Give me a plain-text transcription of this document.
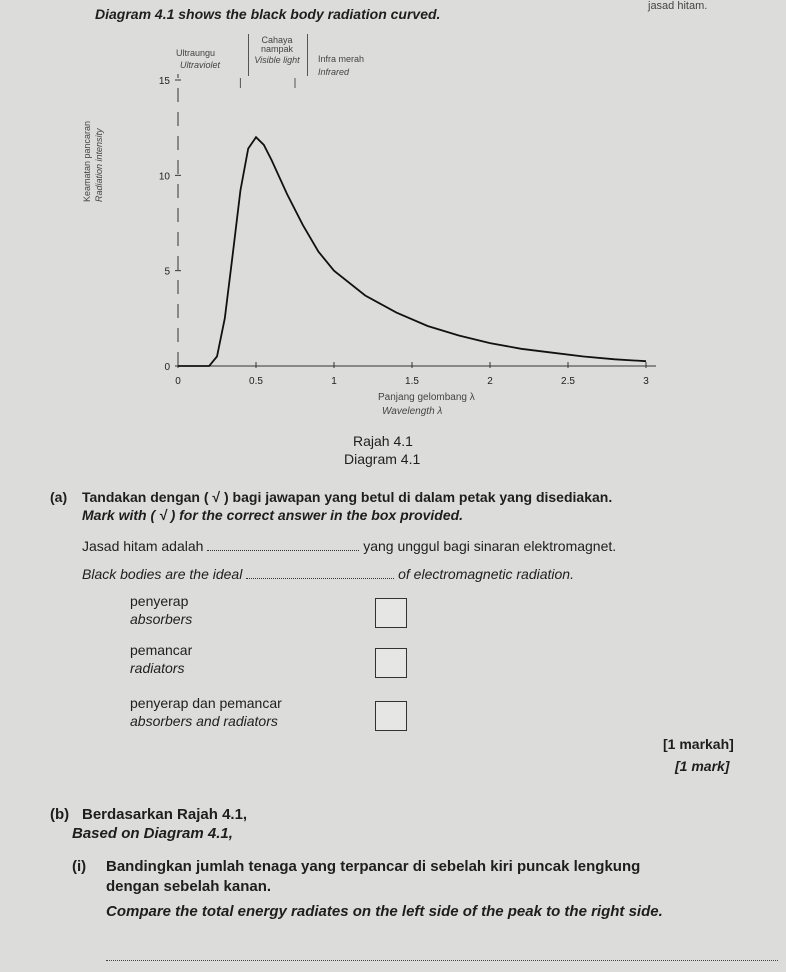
jasad hitam.
Diagram 4.1 shows the black body radiation curved.
Ultraungu
Ultraviolet
Cahaya nampak
Visible light Infra merah
Infrared
Keamatan pancaran Radiation intensity
0	0.5	1	1.5	2	2.5	3
0
5
10
15
Panjang gelombang λ
Wavelength λ
Rajah 4.1
Diagram 4.1
(a) Tandakan dengan ( √ ) bagi jawapan yang betul di dalam petak yang disediakan.
Mark with ( √ ) for the correct answer in the box provided.
Jasad hitam adalah	yang unggul bagi sinaran elektromagnet.
Black bodies are the ideal	of electromagnetic radiation.
penyerap
absorbers
pemancar
radiators
penyerap dan pemancar
absorbers and radiators
[1 markah]
[1 mark]
(b) Berdasarkan Rajah 4.1,
Based on Diagram 4.1,
(i) Bandingkan jumlah tenaga yang terpancar di sebelah kiri puncak lengkung
dengan sebelah kanan.
Compare the total energy radiates on the left side of the peak to the right side.
